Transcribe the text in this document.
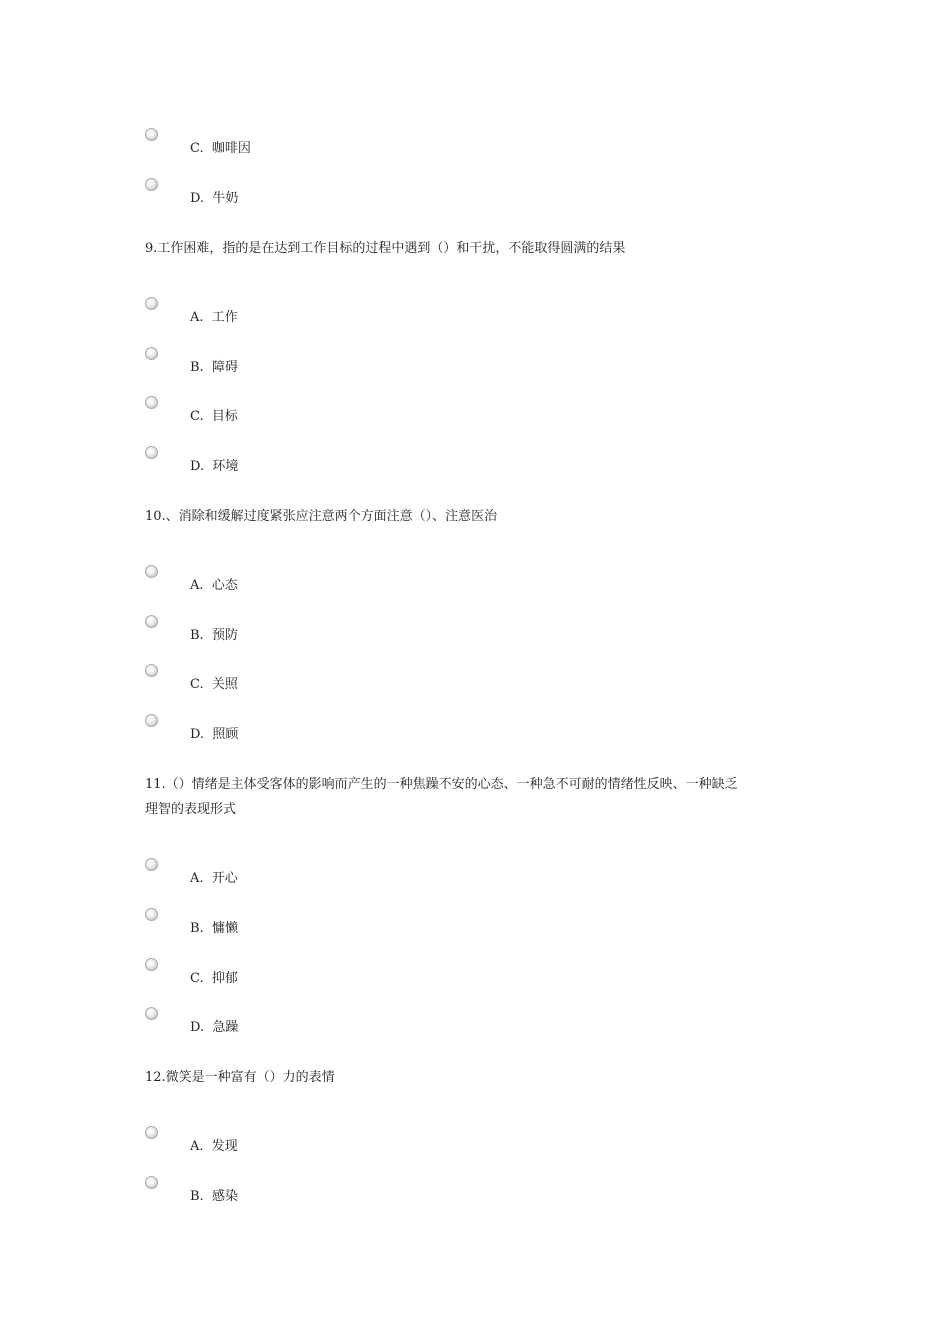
C. 咖啡因
D. 牛奶
9.工作困难，指的是在达到工作目标的过程中遇到（）和干扰，不能取得圆满的结果
A. 工作
B. 障碍
C. 目标
D. 环境
10.、消除和缓解过度紧张应注意两个方面注意（）、注意医治
A. 心态
B. 预防
C. 关照
D. 照顾
11.（）情绪是主体受客体的影响而产生的一种焦躁不安的心态、一种急不可耐的情绪性反映、一种缺乏
理智的表现形式
A. 开心
B. 慵懒
C. 抑郁
D. 急躁
12.微笑是一种富有（）力的表情
A. 发现
B. 感染
